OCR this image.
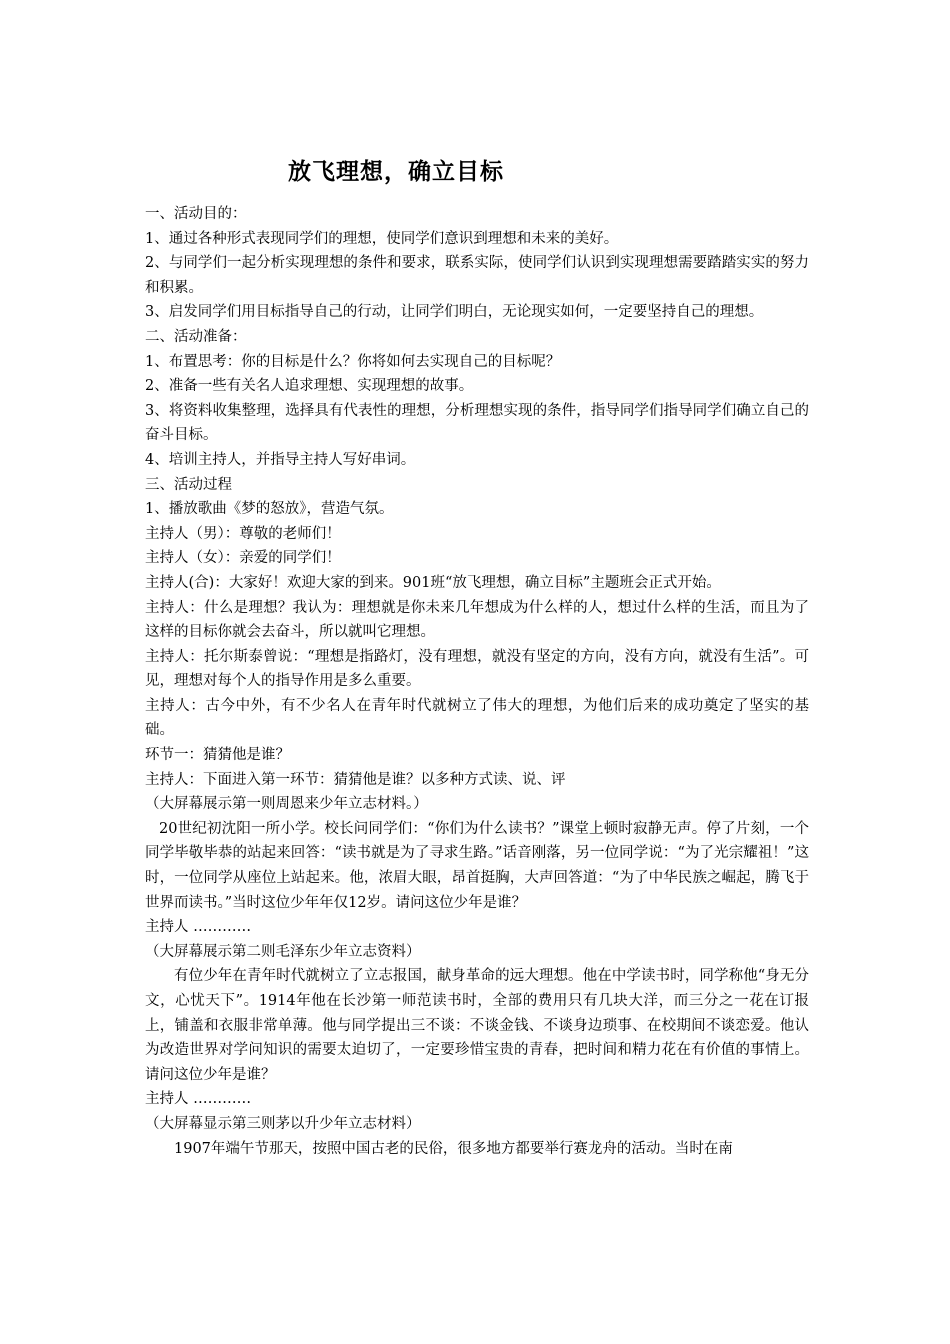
放飞理想，确立目标

一、活动目的：

1、通过各种形式表现同学们的理想，使同学们意识到理想和未来的美好。

2、与同学们一起分析实现理想的条件和要求，联系实际，使同学们认识到实现理想需要踏踏实实的努力和积累。

3、启发同学们用目标指导自己的行动，让同学们明白，无论现实如何，一定要坚持自己的理想。

二、活动准备：

1、布置思考：你的目标是什么？你将如何去实现自己的目标呢？

2、准备一些有关名人追求理想、实现理想的故事。

3、将资料收集整理，选择具有代表性的理想，分析理想实现的条件，指导同学们指导同学们确立自己的奋斗目标。

4、培训主持人，并指导主持人写好串词。

三、活动过程

1、播放歌曲《梦的怒放》，营造气氛。

主持人（男）：尊敬的老师们！

主持人（女）：亲爱的同学们！

主持人(合)：大家好！欢迎大家的到来。901班“放飞理想，确立目标”主题班会正式开始。

主持人：什么是理想？我认为：理想就是你未来几年想成为什么样的人，想过什么样的生活，而且为了这样的目标你就会去奋斗，所以就叫它理想。

主持人：托尔斯泰曾说：“理想是指路灯，没有理想，就没有坚定的方向，没有方向，就没有生活”。可见，理想对每个人的指导作用是多么重要。

主持人：古今中外，有不少名人在青年时代就树立了伟大的理想，为他们后来的成功奠定了坚实的基础。

环节一：猜猜他是谁？

主持人：下面进入第一环节：猜猜他是谁？以多种方式读、说、评

（大屏幕展示第一则周恩来少年立志材料。）

20世纪初沈阳一所小学。校长问同学们：“你们为什么读书？”课堂上顿时寂静无声。停了片刻，一个同学毕敬毕恭的站起来回答：“读书就是为了寻求生路。”话音刚落，另一位同学说：“为了光宗耀祖！”这时，一位同学从座位上站起来。他，浓眉大眼，昂首挺胸，大声回答道：“为了中华民族之崛起，腾飞于世界而读书。”当时这位少年年仅12岁。请问这位少年是谁？

主持人 …………

（大屏幕展示第二则毛泽东少年立志资料）

有位少年在青年时代就树立了立志报国，献身革命的远大理想。他在中学读书时，同学称他“身无分文，心忧天下”。1914年他在长沙第一师范读书时，全部的费用只有几块大洋，而三分之一花在订报上，铺盖和衣服非常单薄。他与同学提出三不谈：不谈金钱、不谈身边琐事、在校期间不谈恋爱。他认为改造世界对学问知识的需要太迫切了，一定要珍惜宝贵的青春，把时间和精力花在有价值的事情上。请问这位少年是谁？

主持人 …………

（大屏幕显示第三则茅以升少年立志材料）

1907年端午节那天，按照中国古老的民俗，很多地方都要举行赛龙舟的活动。当时在南
